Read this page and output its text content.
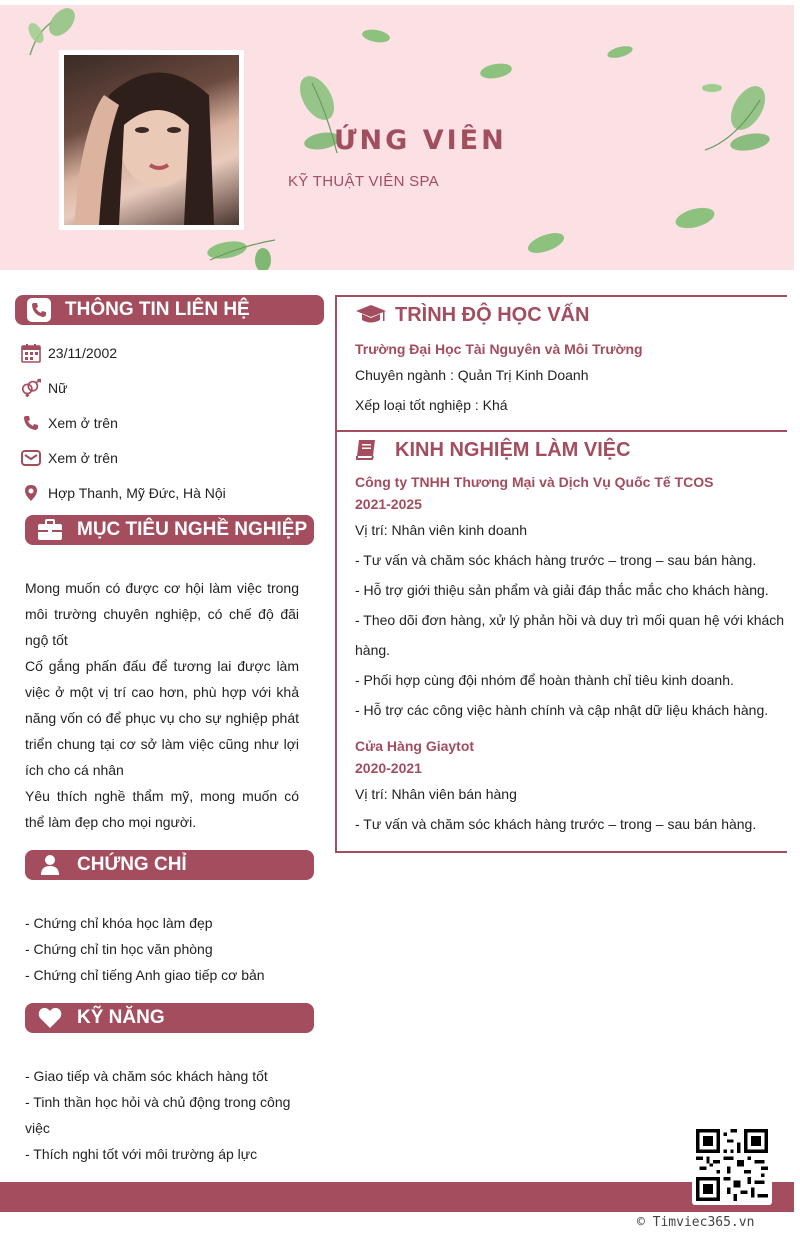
ỨNG VIÊN
KỸ THUẬT VIÊN SPA
THÔNG TIN LIÊN HỆ
23/11/2002
Nữ
Xem ở trên
Xem ở trên
Hợp Thanh, Mỹ Đức, Hà Nội
MỤC TIÊU NGHỀ NGHIỆP
Mong muốn có được cơ hội làm việc trong môi trường chuyên nghiệp, có chế độ đãi ngộ tốt
Cố gắng phấn đấu để tương lai được làm việc ở một vị trí cao hơn, phù hợp với khả năng vốn có để phục vụ cho sự nghiệp phát triển chung tại cơ sở làm việc cũng như lợi ích cho cá nhân
Yêu thích nghề thẩm mỹ, mong muốn có thể làm đẹp cho mọi người.
CHỨNG CHỈ
- Chứng chỉ khóa học làm đẹp
- Chứng chỉ tin học văn phòng
- Chứng chỉ tiếng Anh giao tiếp cơ bản
KỸ NĂNG
- Giao tiếp và chăm sóc khách hàng tốt
- Tinh thần học hỏi và chủ động trong công việc
- Thích nghi tốt với môi trường áp lực
TRÌNH ĐỘ HỌC VẤN
Trường Đại Học Tài Nguyên và Môi Trường
Chuyên ngành : Quản Trị Kinh Doanh
Xếp loại tốt nghiệp : Khá
KINH NGHIỆM LÀM VIỆC
Công ty TNHH Thương Mại và Dịch Vụ Quốc Tế TCOS
2021-2025
Vị trí: Nhân viên kinh doanh
- Tư vấn và chăm sóc khách hàng trước – trong – sau bán hàng.
- Hỗ trợ giới thiệu sản phẩm và giải đáp thắc mắc cho khách hàng.
- Theo dõi đơn hàng, xử lý phản hồi và duy trì mối quan hệ với khách hàng.
- Phối hợp cùng đội nhóm để hoàn thành chỉ tiêu kinh doanh.
- Hỗ trợ các công việc hành chính và cập nhật dữ liệu khách hàng.
Cửa Hàng Giaytot
2020-2021
Vị trí: Nhân viên bán hàng
- Tư vấn và chăm sóc khách hàng trước – trong – sau bán hàng.
© Timviec365.vn
